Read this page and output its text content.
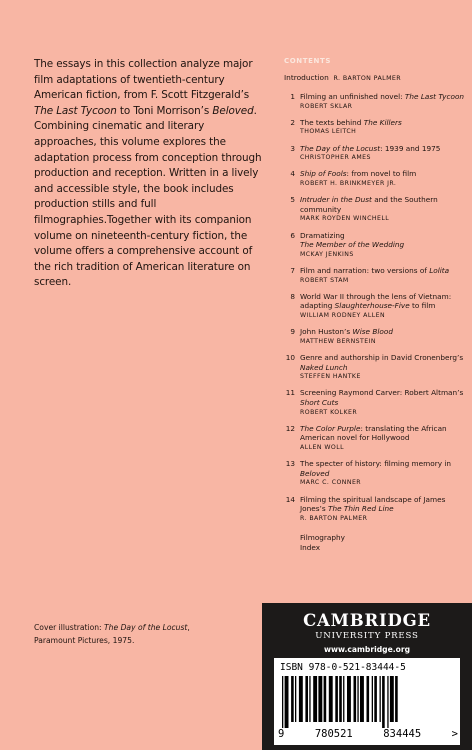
The essays in this collection analyze major film adaptations of twentieth-century American fiction, from F. Scott Fitzgerald’s The Last Tycoon to Toni Morrison’s Beloved. Combining cinematic and literary approaches, this volume explores the adaptation process from conception through production and reception. Written in a lively and accessible style, the book includes production stills and full filmographies.Together with its companion volume on nineteenth-century fiction, the volume offers a comprehensive account of the rich tradition of American literature on screen.
CONTENTS
Introduction R. BARTON PALMER
1 Filming an unfinished novel: The Last Tycoon
ROBERT SKLAR
2 The texts behind The Killers
THOMAS LEITCH
3 The Day of the Locust: 1939 and 1975
CHRISTOPHER AMES
4 Ship of Fools: from novel to film
ROBERT H. BRINKMEYER JR.
5 Intruder in the Dust and the Southern community
MARK ROYDEN WINCHELL
6 Dramatizing
The Member of the Wedding
MCKAY JENKINS
7 Film and narration: two versions of Lolita
ROBERT STAM
8 World War II through the lens of Vietnam: adapting Slaughterhouse-Five to film
WILLIAM RODNEY ALLEN
9 John Huston’s Wise Blood
MATTHEW BERNSTEIN
10 Genre and authorship in David Cronenberg’s
Naked Lunch
STEFFEN HANTKE
11 Screening Raymond Carver: Robert Altman’s
Short Cuts
ROBERT KOLKER
12 The Color Purple: translating the African American novel for Hollywood
ALLEN WOLL
13 The specter of history: filming memory in Beloved
MARC C. CONNER
14 Filming the spiritual landscape of James Jones’s The Thin Red Line
R. BARTON PALMER
Filmography
Index
Cover illustration: The Day of the Locust,
Paramount Pictures, 1975.
CAMBRIDGE
UNIVERSITY PRESS
www.cambridge.org
ISBN 978-0-521-83444-5
9	780521	834445	>
